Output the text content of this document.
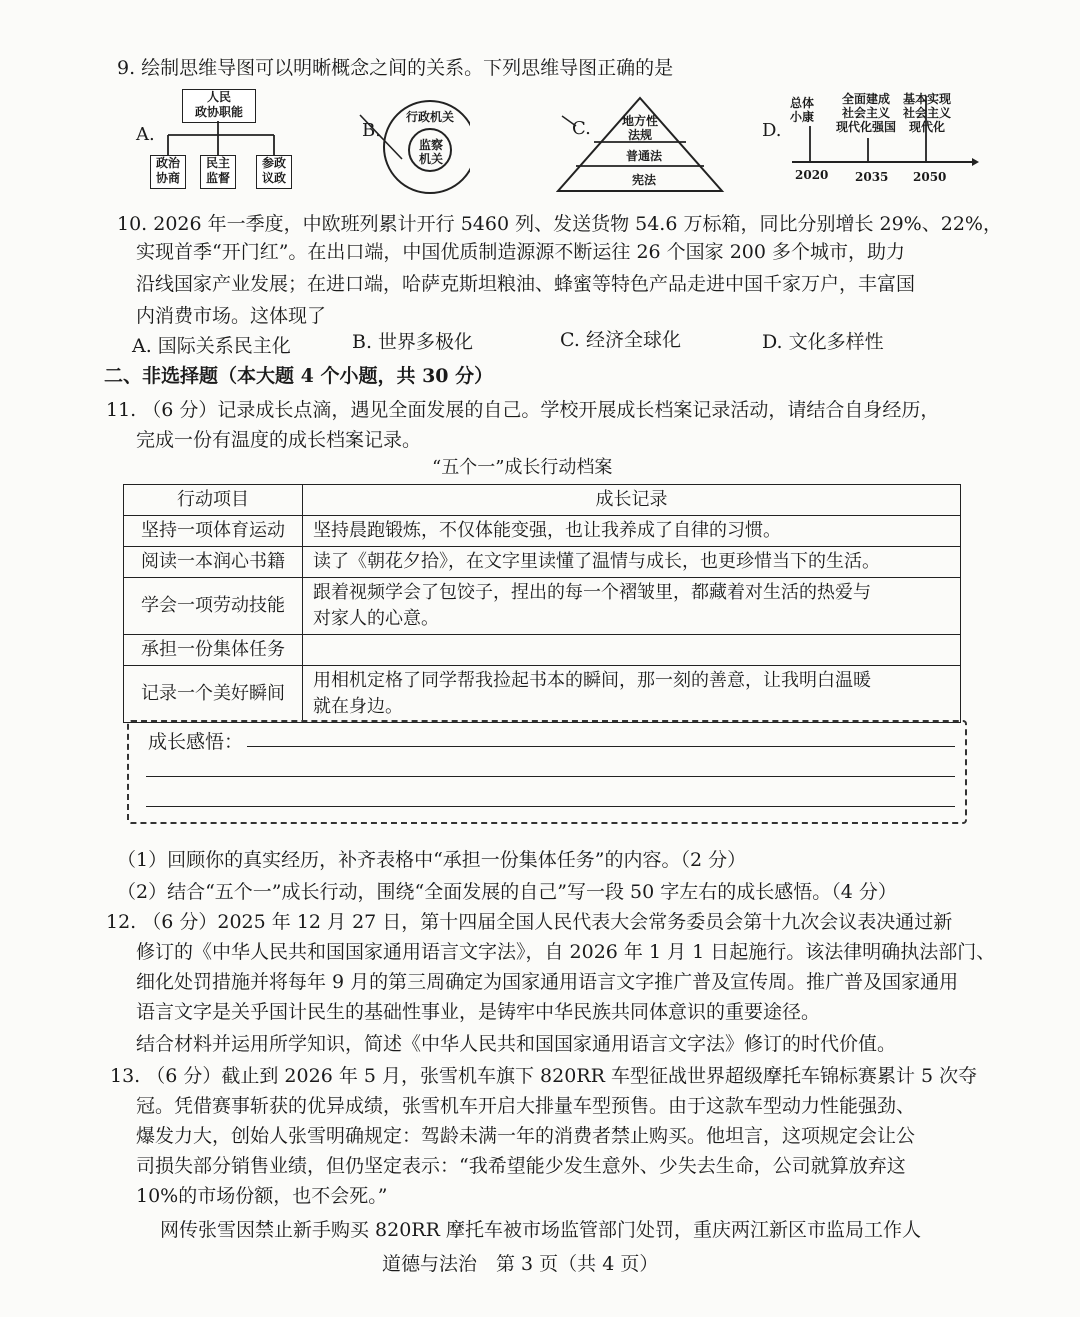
9. 绘制思维导图可以明晰概念之间的关系。下列思维导图正确的是
A.
人民
政协职能
政治
协商
民主
监督
参政
议政
B.
行政机关
监察
机关
C.	地方性
法规
普通法
宪法
D.
总体
小康
全面建成
社会主义
现代化强国
基本实现
社会主义
现代化
2020 2035 2050
10. 2026 年一季度，中欧班列累计开行 5460 列、发送货物 54.6 万标箱，同比分别增长 29%、22%，
实现首季“开门红”。在出口端，中国优质制造源源不断运往 26 个国家 200 多个城市，助力
沿线国家产业发展；在进口端，哈萨克斯坦粮油、蜂蜜等特色产品走进中国千家万户，丰富国
内消费市场。这体现了
A. 国际关系民主化	B. 世界多极化	C. 经济全球化	D. 文化多样性
二、非选择题（本大题 4 个小题，共 30 分）
11. （6 分）记录成长点滴，遇见全面发展的自己。学校开展成长档案记录活动，请结合自身经历，
完成一份有温度的成长档案记录。
“五个一”成长行动档案
行动项目	成长记录
坚持一项体育运动	坚持晨跑锻炼，不仅体能变强，也让我养成了自律的习惯。
阅读一本润心书籍	读了《朝花夕拾》，在文字里读懂了温情与成长，也更珍惜当下的生活。
学会一项劳动技能	跟着视频学会了包饺子，捏出的每一个褶皱里，都藏着对生活的热爱与
对家人的心意。
承担一份集体任务	
记录一个美好瞬间	用相机定格了同学帮我捡起书本的瞬间，那一刻的善意，让我明白温暖
就在身边。
成长感悟：
（1）回顾你的真实经历，补齐表格中“承担一份集体任务”的内容。（2 分）
（2）结合“五个一”成长行动，围绕“全面发展的自己”写一段 50 字左右的成长感悟。（4 分）
12. （6 分）2025 年 12 月 27 日，第十四届全国人民代表大会常务委员会第十九次会议表决通过新
修订的《中华人民共和国国家通用语言文字法》，自 2026 年 1 月 1 日起施行。该法律明确执法部门、
细化处罚措施并将每年 9 月的第三周确定为国家通用语言文字推广普及宣传周。推广普及国家通用
语言文字是关乎国计民生的基础性事业，是铸牢中华民族共同体意识的重要途径。
结合材料并运用所学知识，简述《中华人民共和国国家通用语言文字法》修订的时代价值。
13. （6 分）截止到 2026 年 5 月，张雪机车旗下 820RR 车型征战世界超级摩托车锦标赛累计 5 次夺
冠。凭借赛事斩获的优异成绩，张雪机车开启大排量车型预售。由于这款车型动力性能强劲、
爆发力大，创始人张雪明确规定：驾龄未满一年的消费者禁止购买。他坦言，这项规定会让公
司损失部分销售业绩，但仍坚定表示：“我希望能少发生意外、少失去生命，公司就算放弃这
10%的市场份额，也不会死。”
网传张雪因禁止新手购买 820RR 摩托车被市场监管部门处罚，重庆两江新区市监局工作人
道德与法治　第 3 页（共 4 页）
